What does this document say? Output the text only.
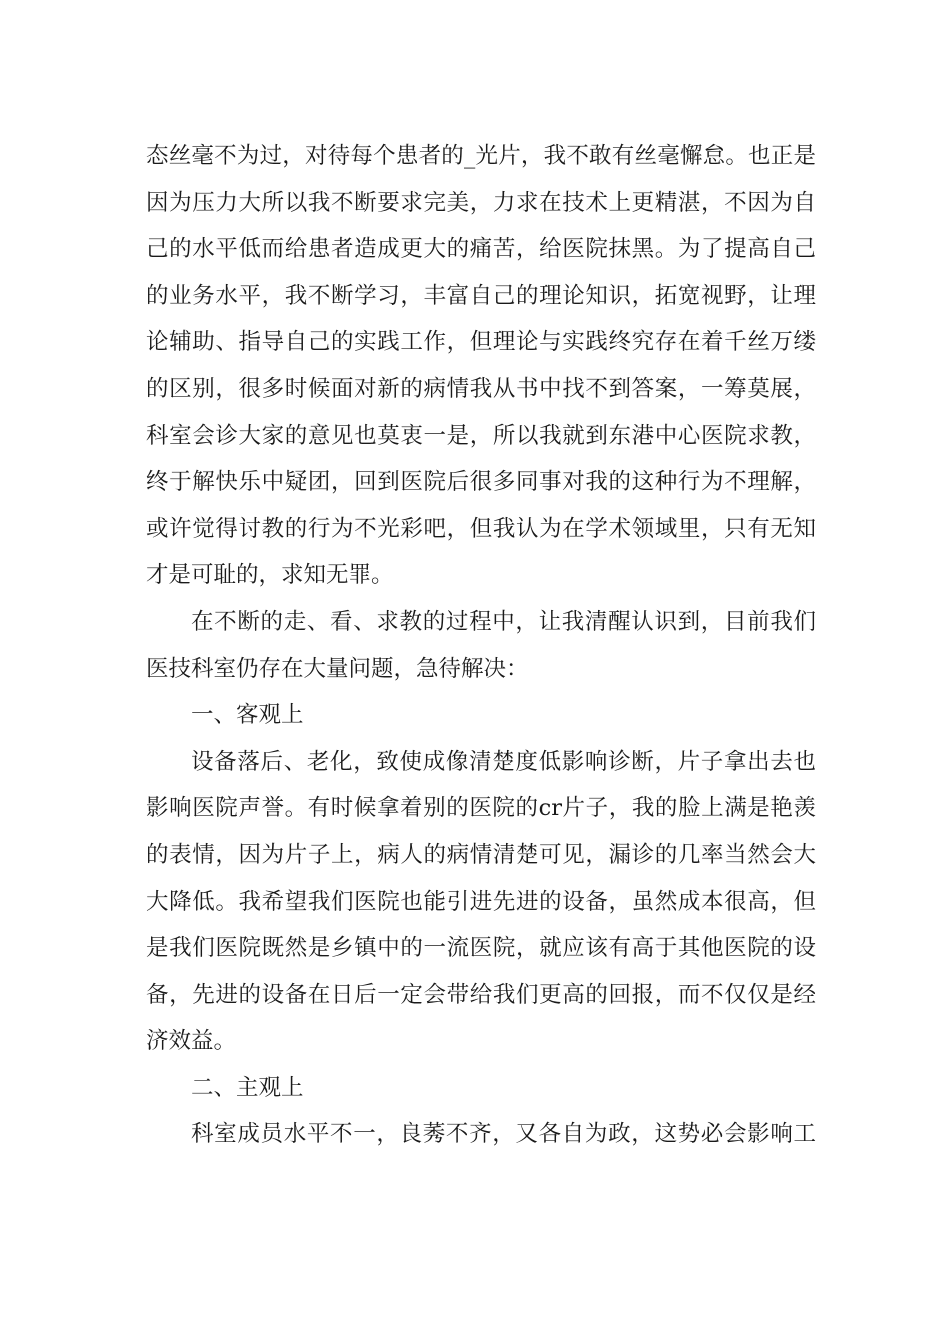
态丝毫不为过，对待每个患者的_光片，我不敢有丝毫懈怠。也正是
因为压力大所以我不断要求完美，力求在技术上更精湛，不因为自
己的水平低而给患者造成更大的痛苦，给医院抹黑。为了提高自己
的业务水平，我不断学习，丰富自己的理论知识，拓宽视野，让理
论辅助、指导自己的实践工作，但理论与实践终究存在着千丝万缕
的区别，很多时候面对新的病情我从书中找不到答案，一筹莫展，
科室会诊大家的意见也莫衷一是，所以我就到东港中心医院求教，
终于解快乐中疑团，回到医院后很多同事对我的这种行为不理解，
或许觉得讨教的行为不光彩吧，但我认为在学术领域里，只有无知
才是可耻的，求知无罪。
在不断的走、看、求教的过程中，让我清醒认识到，目前我们
医技科室仍存在大量问题，急待解决：
一、客观上
设备落后、老化，致使成像清楚度低影响诊断，片子拿出去也
影响医院声誉。有时候拿着别的医院的cr片子，我的脸上满是艳羡
的表情，因为片子上，病人的病情清楚可见，漏诊的几率当然会大
大降低。我希望我们医院也能引进先进的设备，虽然成本很高，但
是我们医院既然是乡镇中的一流医院，就应该有高于其他医院的设
备，先进的设备在日后一定会带给我们更高的回报，而不仅仅是经
济效益。
二、主观上
科室成员水平不一，良莠不齐，又各自为政，这势必会影响工
